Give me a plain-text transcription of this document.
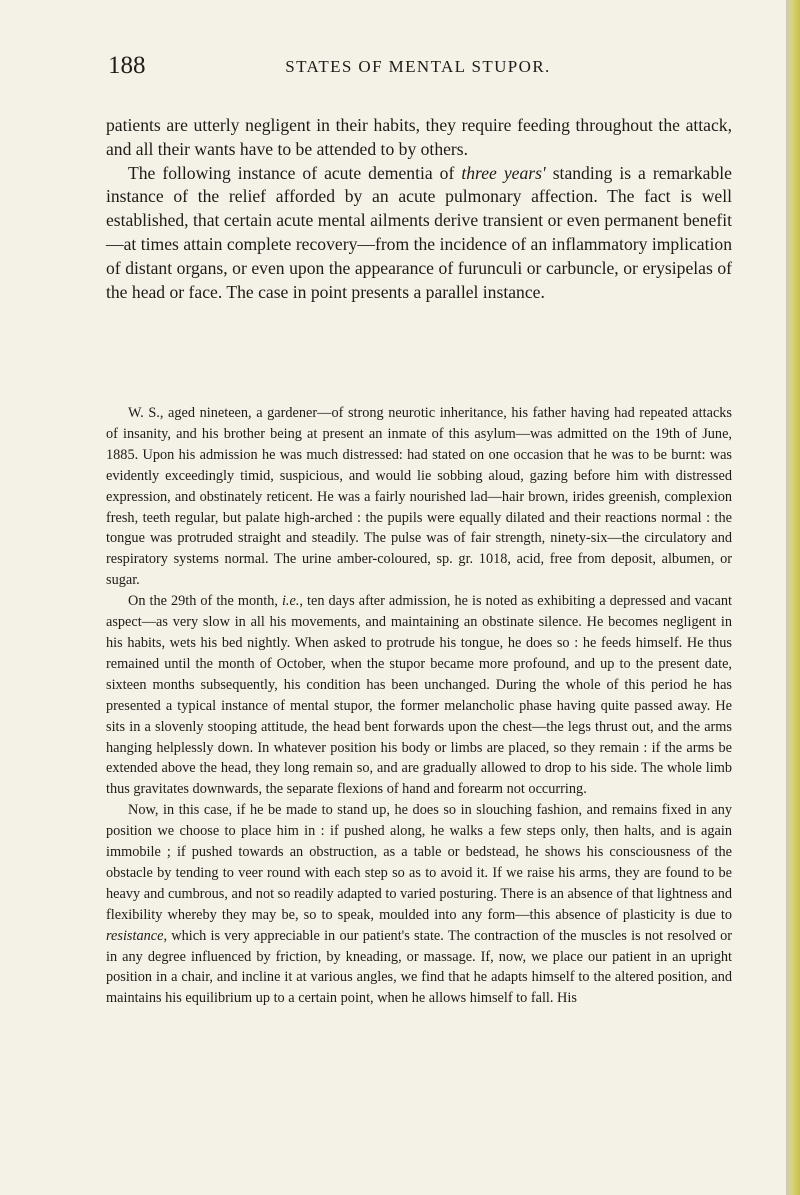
188	STATES OF MENTAL STUPOR.

patients are utterly negligent in their habits, they require feeding throughout the attack, and all their wants have to be attended to by others.

The following instance of acute dementia of three years' standing is a remarkable instance of the relief afforded by an acute pulmonary affection. The fact is well established, that certain acute mental ailments derive transient or even permanent benefit—at times attain complete recovery—from the incidence of an inflammatory implication of distant organs, or even upon the appearance of furunculi or carbuncle, or erysipelas of the head or face. The case in point presents a parallel instance.

W. S., aged nineteen, a gardener—of strong neurotic inheritance, his father having had repeated attacks of insanity, and his brother being at present an inmate of this asylum—was admitted on the 19th of June, 1885. Upon his admission he was much distressed: had stated on one occasion that he was to be burnt: was evidently exceedingly timid, suspicious, and would lie sobbing aloud, gazing before him with distressed expression, and obstinately reticent. He was a fairly nourished lad—hair brown, irides greenish, complexion fresh, teeth regular, but palate high-arched : the pupils were equally dilated and their reactions normal : the tongue was protruded straight and steadily. The pulse was of fair strength, ninety-six—the circulatory and respiratory systems normal. The urine amber-coloured, sp. gr. 1018, acid, free from deposit, albumen, or sugar.

On the 29th of the month, i.e., ten days after admission, he is noted as exhibiting a depressed and vacant aspect—as very slow in all his movements, and maintaining an obstinate silence. He becomes negligent in his habits, wets his bed nightly. When asked to protrude his tongue, he does so : he feeds himself. He thus remained until the month of October, when the stupor became more profound, and up to the present date, sixteen months subsequently, his condition has been unchanged. During the whole of this period he has presented a typical instance of mental stupor, the former melancholic phase having quite passed away. He sits in a slovenly stooping attitude, the head bent forwards upon the chest—the legs thrust out, and the arms hanging helplessly down. In whatever position his body or limbs are placed, so they remain : if the arms be extended above the head, they long remain so, and are gradually allowed to drop to his side. The whole limb thus gravitates downwards, the separate flexions of hand and forearm not occurring.

Now, in this case, if he be made to stand up, he does so in slouching fashion, and remains fixed in any position we choose to place him in : if pushed along, he walks a few steps only, then halts, and is again immobile ; if pushed towards an obstruction, as a table or bedstead, he shows his consciousness of the obstacle by tending to veer round with each step so as to avoid it. If we raise his arms, they are found to be heavy and cumbrous, and not so readily adapted to varied posturing. There is an absence of that lightness and flexibility whereby they may be, so to speak, moulded into any form—this absence of plasticity is due to resistance, which is very appreciable in our patient's state. The contraction of the muscles is not resolved or in any degree influenced by friction, by kneading, or massage. If, now, we place our patient in an upright position in a chair, and incline it at various angles, we find that he adapts himself to the altered position, and maintains his equilibrium up to a certain point, when he allows himself to fall. His
